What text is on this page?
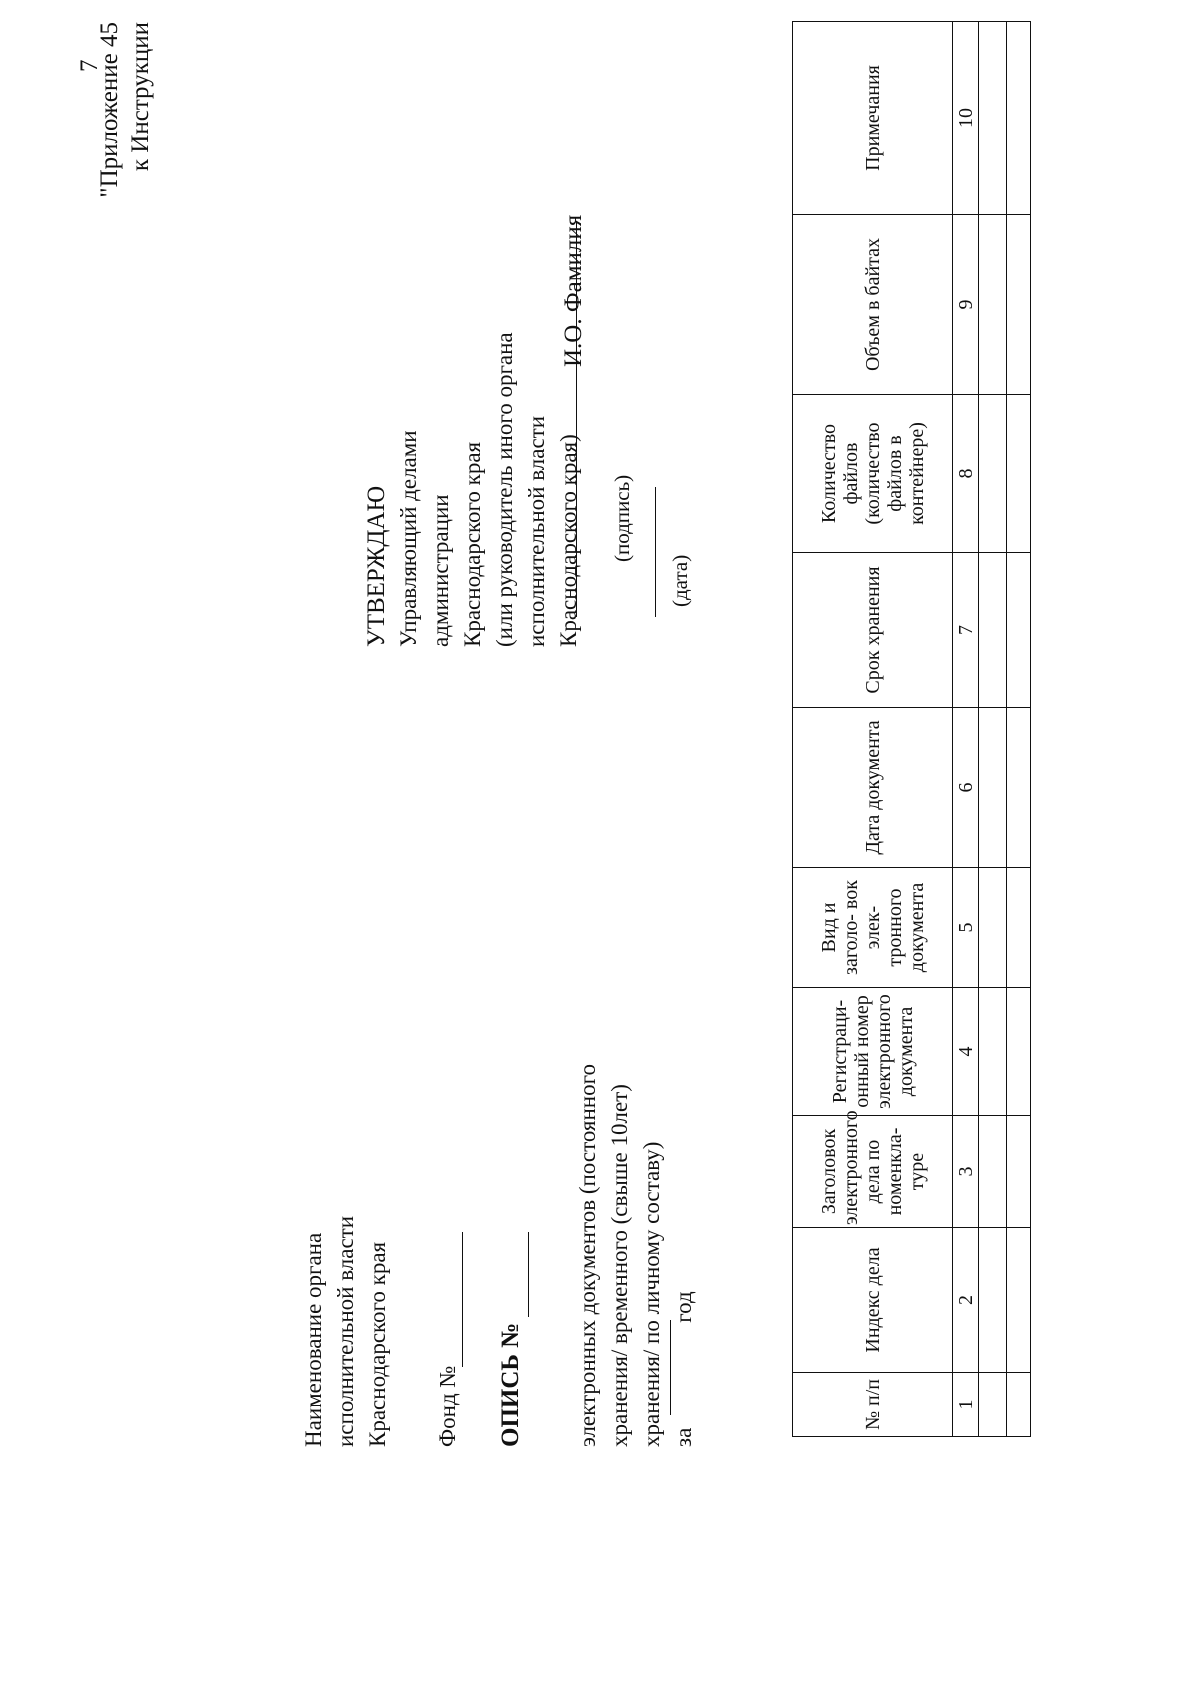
7
"Приложение 45 к Инструкции
УТВЕРЖДАЮ Управляющий делами администрации Краснодарского края (или руководитель иного органа исполнительной власти Краснодарского края) (подпись)
И.О. Фамилия
(дата)
Наименование органа исполнительной власти Краснодарского края Фонд № ОПИСЬ № электронных документов (постоянного хранения/ временного (свыше 10лет) хранения/ по личному составу) загод
№ п/п	Индекс дела	Заголовок электронного дела по номенкла- туре	Регистраци- онный номер электронного документа	Вид и заголо- вок элек- тронного документа	Дата документа	Срок хранения	Количество файлов (количество файлов в контейнере)	Объем в байтах	Примечания
1	2	3	4	5	6	7	8	9	10
